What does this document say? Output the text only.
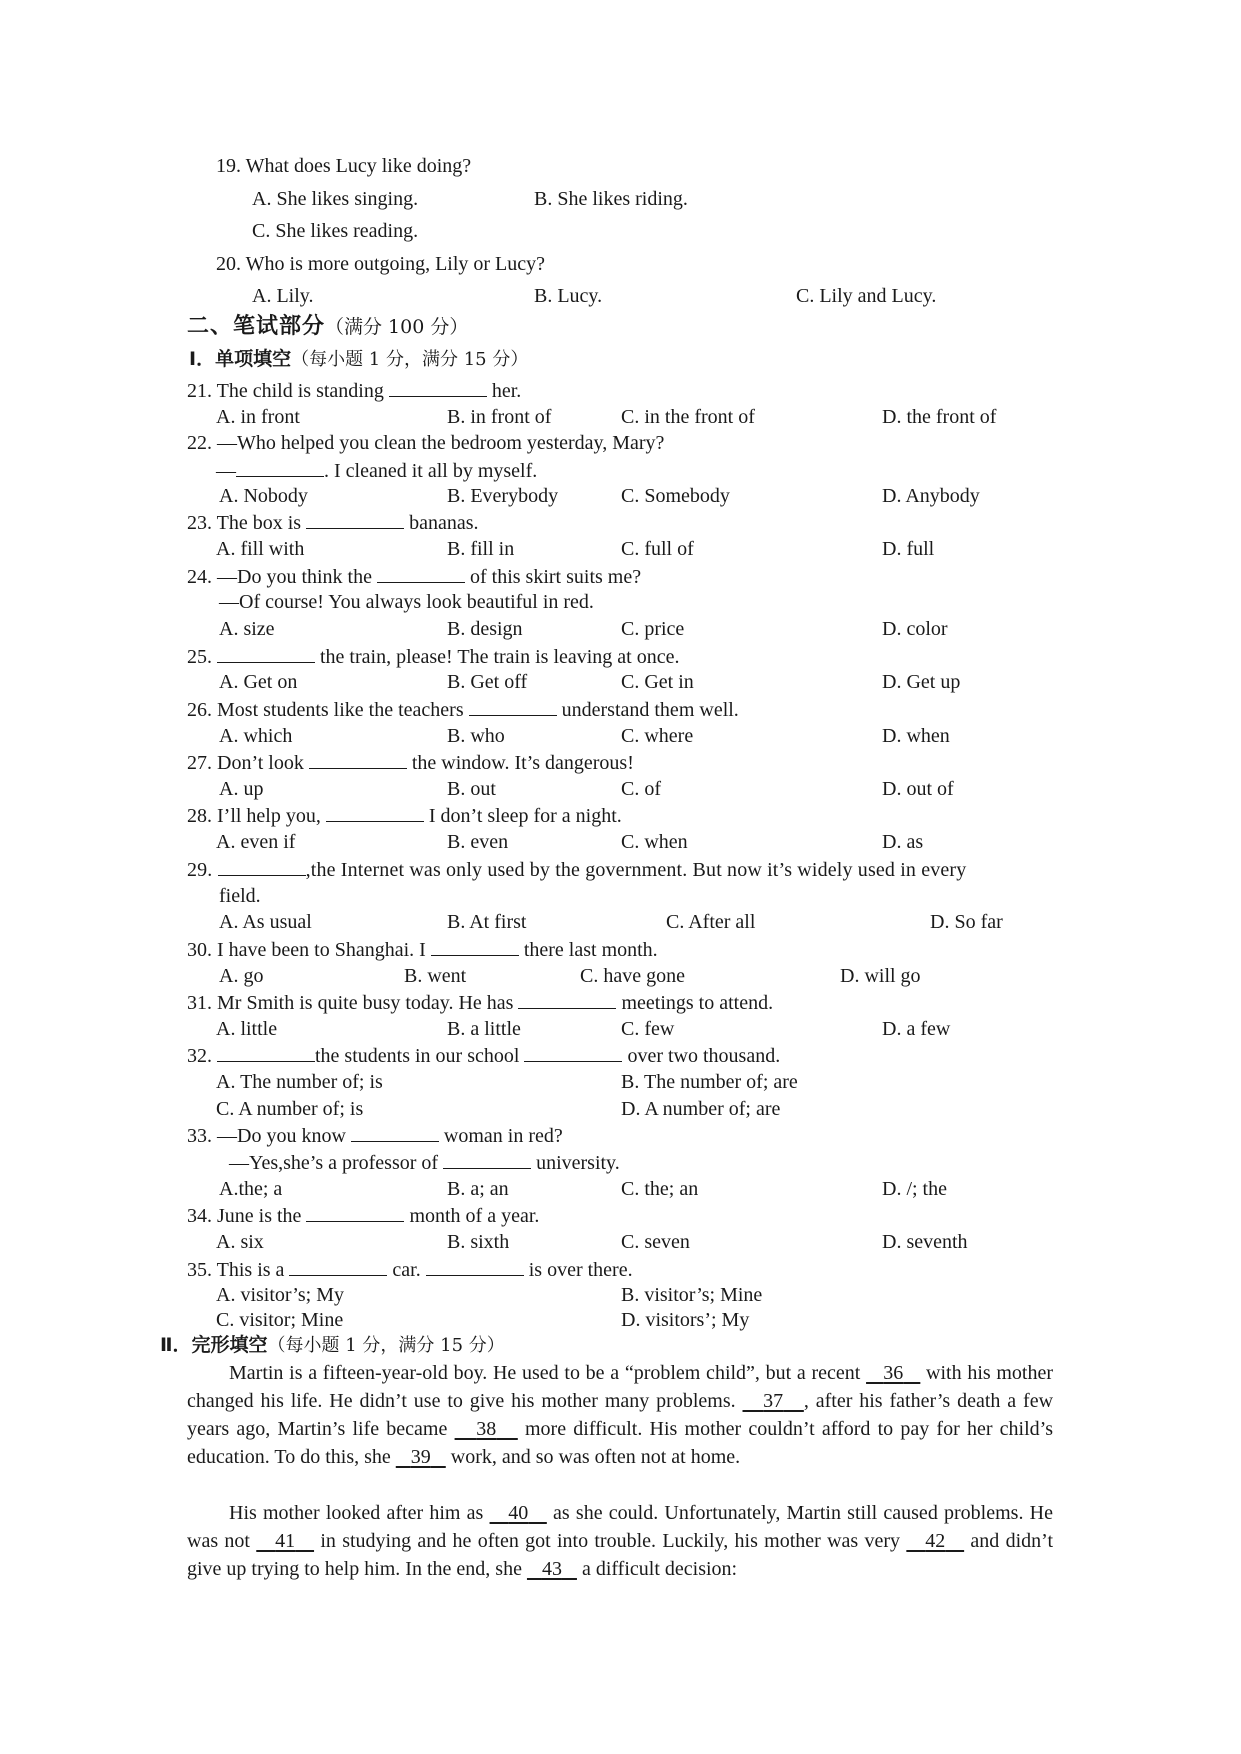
19. What does Lucy like doing?
A. She likes singing.	B. She likes riding.
C. She likes reading.
20. Who is more outgoing, Lily or Lucy?
A. Lily.	B. Lucy.	C. Lily and Lucy.
二、笔试部分（满分 100 分）
Ⅰ．单项填空（每小题 1 分，满分 15 分）
21. The child is standing	her.
A. in front	B. in front of	C. in the front of	D. the front of
22. —Who helped you clean the bedroom yesterday, Mary?
—	. I cleaned it all by myself.
A. Nobody	B. Everybody	C. Somebody	D. Anybody
23. The box is	bananas.
A. fill with	B. fill in	C. full of	D. full
24. —Do you think the	of this skirt suits me?
—Of course! You always look beautiful in red.
A. size	B. design	C. price	D. color
25.	the train, please! The train is leaving at once.
A. Get on	B. Get off	C. Get in	D. Get up
26. Most students like the teachers	understand them well.
A. which	B. who	C. where	D. when
27. Don’t look	the window. It’s dangerous!
A. up	B. out	C. of	D. out of
28. I’ll help you,	I don’t sleep for a night.
A. even if	B. even	C. when	D. as
29.	,the Internet was only used by the government. But now it’s widely used in every
field.
A. As usual	B. At first	C. After all	D. So far
30. I have been to Shanghai. I	there last month.
A. go	B. went	C. have gone	D. will go
31. Mr Smith is quite busy today. He has	meetings to attend.
A. little	B. a little	C. few	D. a few
32.	the students in our school	over two thousand.
A. The number of; is	B. The number of; are
C. A number of; is	D. A number of; are
33. —Do you know	woman in red?
—Yes,she’s a professor of	university.
A.the; a	B. a; an	C. the; an	D. /; the
34. June is the	month of a year.
A. six	B. sixth	C. seven	D. seventh
35. This is a	car.	is over there.
A. visitor’s; My	B. visitor’s; Mine
C. visitor; Mine	D. visitors’; My
Ⅱ．完形填空（每小题 1 分，满分 15 分）
Martin is a fifteen-year-old boy. He used to be a “problem child”, but a recent    36    with his mother changed his life. He didn’t use to give his mother many problems.    37 , after his father’s death a few years ago, Martin’s life became    38    more difficult. His mother couldn’t afford to pay for her child’s education. To do this, she    39    work, and so was often not at home.
His mother looked after him as    40    as she could. Unfortunately, Martin still caused problems. He was not    41    in studying and he often got into trouble. Luckily, his mother was very    42    and didn’t give up trying to help him. In the end, she    43    a difficult decision:
